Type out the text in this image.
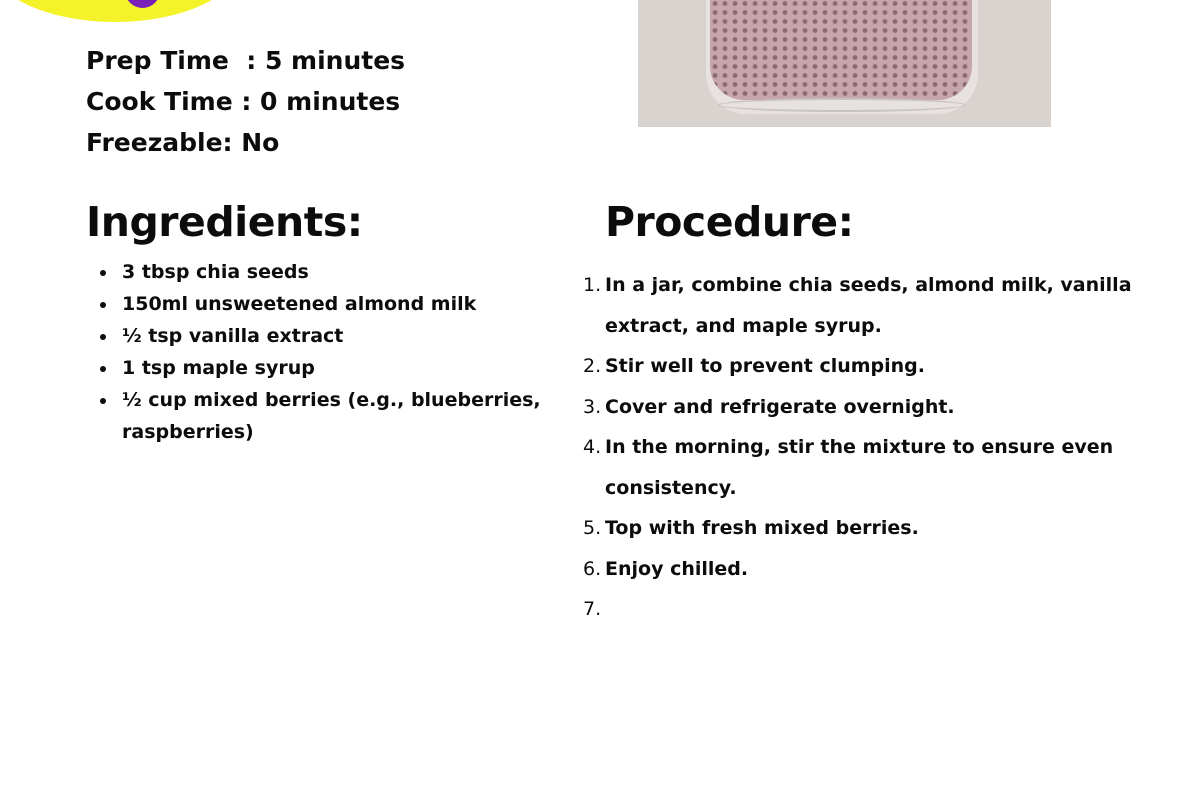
Prep Time  : 5 minutes
Cook Time : 0 minutes
Freezable: No
Ingredients:
3 tbsp chia seeds
150ml unsweetened almond milk
½ tsp vanilla extract
1 tsp maple syrup
½ cup mixed berries (e.g., blueberries, raspberries)
Procedure:
1. In a jar, combine chia seeds, almond milk, vanilla extract, and maple syrup.
2. Stir well to prevent clumping.
3. Cover and refrigerate overnight.
4. In the morning, stir the mixture to ensure even consistency.
5. Top with fresh mixed berries.
6. Enjoy chilled.
7.
